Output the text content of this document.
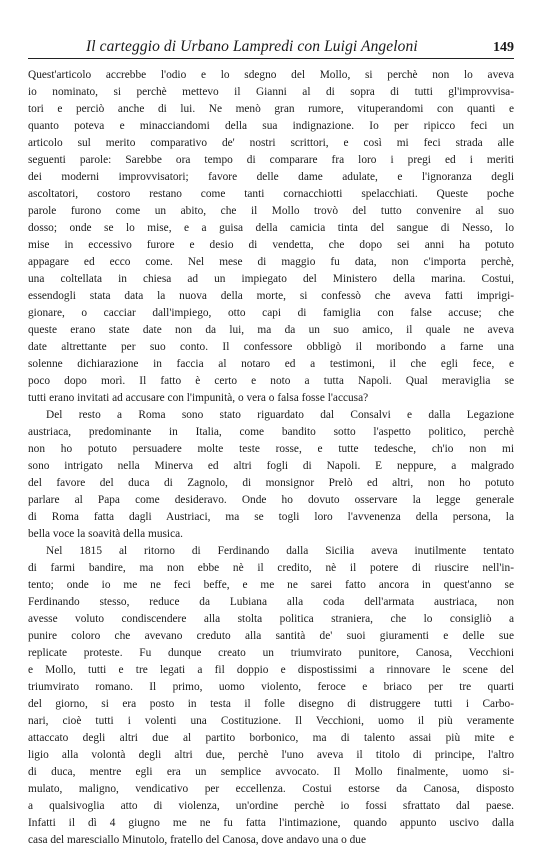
Il carteggio di Urbano Lampredi con Luigi Angeloni	149
Quest'articolo accrebbe l'odio e lo sdegno del Mollo, si perchè non lo aveva
io nominato, si perchè mettevo il Gianni al di sopra di tutti gl'improvvisa-
tori e perciò anche di lui. Ne menò gran rumore, vituperandomi con quanti e
quanto poteva e minacciandomi della sua indignazione. Io per ripicco feci un
articolo sul merito comparativo de' nostri scrittori, e così mi feci strada alle
seguenti parole: Sarebbe ora tempo di comparare fra loro i pregi ed i meriti
dei moderni improvvisatori; favore delle dame adulate, e l'ignoranza degli
ascoltatori, costoro restano come tanti cornacchiotti spelacchiati. Queste poche
parole furono come un abito, che il Mollo trovò del tutto convenire al suo
dosso; onde se lo mise, e a guisa della camicia tinta del sangue di Nesso, lo
mise in eccessivo furore e desio di vendetta, che dopo sei anni ha potuto
appagare ed ecco come. Nel mese di maggio fu data, non c'importa perchè,
una coltellata in chiesa ad un impiegato del Ministero della marina. Costui,
essendogli stata data la nuova della morte, si confessò che aveva fatti imprigi-
gionare, o cacciar dall'impiego, otto capi di famiglia con false accuse; che
queste erano state date non da lui, ma da un suo amico, il quale ne aveva
date altrettante per suo conto. Il confessore obbligò il moribondo a farne una
solenne dichiarazione in faccia al notaro ed a testimoni, il che egli fece, e
poco dopo morì. Il fatto è certo e noto a tutta Napoli. Qual meraviglia se
tutti erano invitati ad accusare con l'impunità, o vera o falsa fosse l'accusa?
Del resto a Roma sono stato riguardato dal Consalvi e dalla Legazione
austriaca, predominante in Italia, come bandito sotto l'aspetto politico, perchè
non ho potuto persuadere molte teste rosse, e tutte tedesche, ch'io non mi
sono intrigato nella Minerva ed altri fogli di Napoli. E neppure, a malgrado
del favore del duca di Zagnolo, di monsignor Prelò ed altri, non ho potuto
parlare al Papa come desideravo. Onde ho dovuto osservare la legge generale
di Roma fatta dagli Austriaci, ma se togli loro l'avvenenza della persona, la
bella voce la soavità della musica.
Nel 1815 al ritorno di Ferdinando dalla Sicilia aveva inutilmente tentato
di farmi bandire, ma non ebbe nè il credito, nè il potere di riuscire nell'in-
tento; onde io me ne feci beffe, e me ne sarei fatto ancora in quest'anno se
Ferdinando stesso, reduce da Lubiana alla coda dell'armata austriaca, non
avesse voluto condiscendere alla stolta politica straniera, che lo consigliò a
punire coloro che avevano creduto alla santità de' suoi giuramenti e delle sue
replicate proteste. Fu dunque creato un triumvirato punitore, Canosa, Vecchioni
e Mollo, tutti e tre legati a fil doppio e dispostissimi a rinnovare le scene del
triumvirato romano. Il primo, uomo violento, feroce e briaco per tre quarti
del giorno, si era posto in testa il folle disegno di distruggere tutti i Carbo-
nari, cioè tutti i volenti una Costituzione. Il Vecchioni, uomo il più veramente
attaccato degli altri due al partito borbonico, ma di talento assai più mite e
ligio alla volontà degli altri due, perchè l'uno aveva il titolo di principe, l'altro
di duca, mentre egli era un semplice avvocato. Il Mollo finalmente, uomo si-
mulato, maligno, vendicativo per eccellenza. Costui estorse da Canosa, disposto
a qualsivoglia atto di violenza, un'ordine perchè io fossi sfrattato dal paese.
Infatti il dì 4 giugno me ne fu fatta l'intimazione, quando appunto uscivo dalla
casa del maresciallo Minutolo, fratello del Canosa, dove andavo una o due
